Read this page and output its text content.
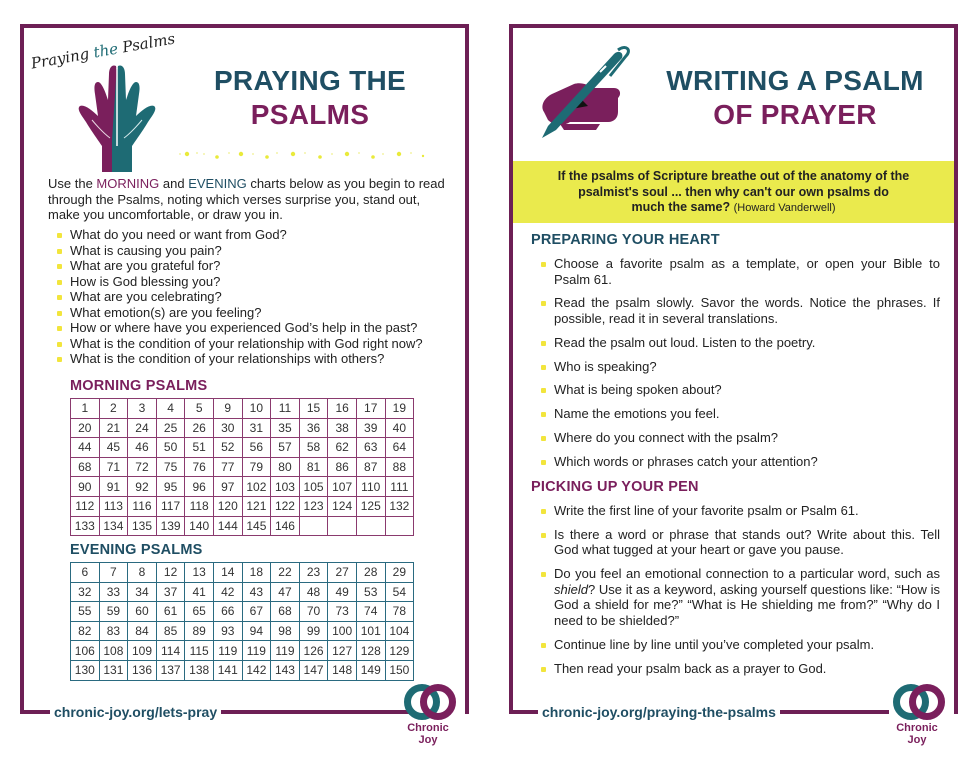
Praying the Psalms
PRAYING THE
PSALMS

Use the MORNING and EVENING charts below as you begin to read through the Psalms, noting which verses surprise you, stand out, make you uncomfortable, or draw you in.

What do you need or want from God?
What is causing you pain?
What are you grateful for?
How is God blessing you?
What are you celebrating?
What emotion(s) are you feeling?
How or where have you experienced God’s help in the past?
What is the condition of your relationship with God right now?
What is the condition of your relationships with others?
MORNING PSALMS
1	2	3	4	5	9	10	11	15	16	17	19
20	21	24	25	26	30	31	35	36	38	39	40
44	45	46	50	51	52	56	57	58	62	63	64
68	71	72	75	76	77	79	80	81	86	87	88
90	91	92	95	96	97	102	103	105	107	110	111
112	113	116	117	118	120	121	122	123	124	125	132
133	134	135	139	140	144	145	146				
EVENING PSALMS
6	7	8	12	13	14	18	22	23	27	28	29
32	33	34	37	41	42	43	47	48	49	53	54
55	59	60	61	65	66	67	68	70	73	74	78
82	83	84	85	89	93	94	98	99	100	101	104
106	108	109	114	115	119	119	119	126	127	128	129
130	131	136	137	138	141	142	143	147	148	149	150
chronic-joy.org/lets-pray
Chronic Joy
WRITING A PSALM
OF PRAYER
If the psalms of Scripture breathe out of the anatomy of the
psalmist's soul ... then why can't our own psalms do
much the same? (Howard Vanderwell)
PREPARING YOUR HEART
Choose a favorite psalm as a template, or open your Bible to Psalm 61.
Read the psalm slowly. Savor the words. Notice the phrases. If possible, read it in several translations.
Read the psalm out loud. Listen to the poetry.
Who is speaking?
What is being spoken about?
Name the emotions you feel.
Where do you connect with the psalm?
Which words or phrases catch your attention?
PICKING UP YOUR PEN
Write the first line of your favorite psalm or Psalm 61.
Is there a word or phrase that stands out? Write about this. Tell God what tugged at your heart or gave you pause.
Do you feel an emotional connection to a particular word, such as shield? Use it as a keyword, asking yourself questions like: “How is God a shield for me?” “What is He shielding me from?” “Why do I need to be shielded?”
Continue line by line until you’ve completed your psalm.
Then read your psalm back as a prayer to God.
chronic-joy.org/praying-the-psalms
Chronic Joy
